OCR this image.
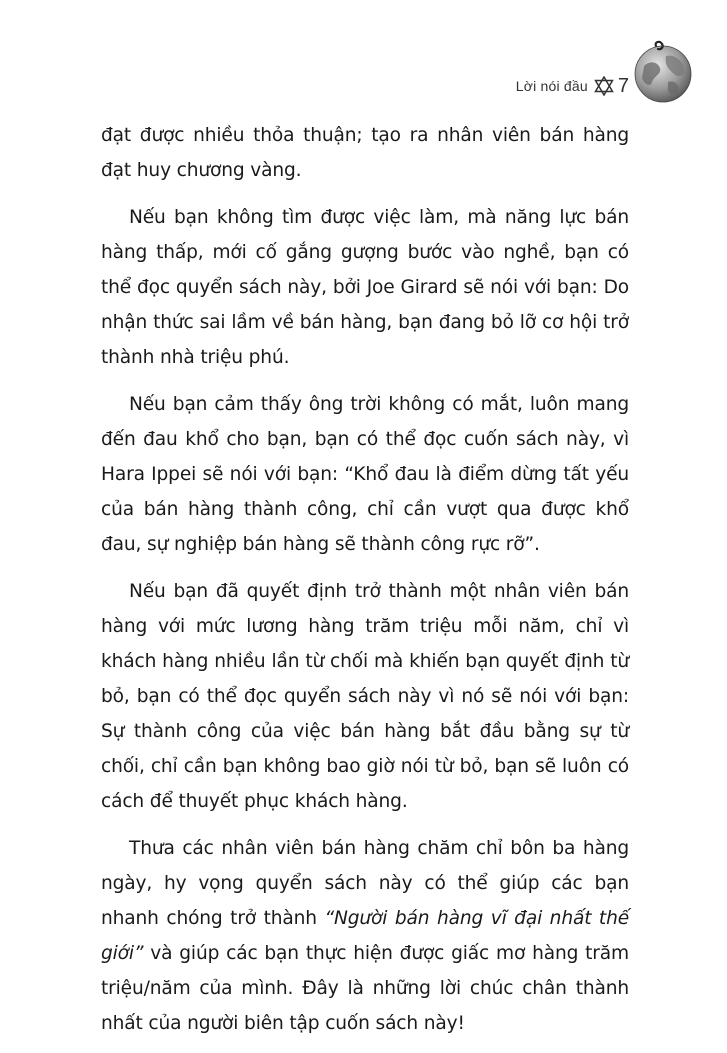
Lời nói đầu 7

đạt được nhiều thỏa thuận; tạo ra nhân viên bán hàng đạt huy chương vàng.

Nếu bạn không tìm được việc làm, mà năng lực bán hàng thấp, mới cố gắng gượng bước vào nghề, bạn có thể đọc quyển sách này, bởi Joe Girard sẽ nói với bạn: Do nhận thức sai lầm về bán hàng, bạn đang bỏ lỡ cơ hội trở thành nhà triệu phú.

Nếu bạn cảm thấy ông trời không có mắt, luôn mang đến đau khổ cho bạn, bạn có thể đọc cuốn sách này, vì Hara Ippei sẽ nói với bạn: “Khổ đau là điểm dừng tất yếu của bán hàng thành công, chỉ cần vượt qua được khổ đau, sự nghiệp bán hàng sẽ thành công rực rỡ”.

Nếu bạn đã quyết định trở thành một nhân viên bán hàng với mức lương hàng trăm triệu mỗi năm, chỉ vì khách hàng nhiều lần từ chối mà khiến bạn quyết định từ bỏ, bạn có thể đọc quyển sách này vì nó sẽ nói với bạn: Sự thành công của việc bán hàng bắt đầu bằng sự từ chối, chỉ cần bạn không bao giờ nói từ bỏ, bạn sẽ luôn có cách để thuyết phục khách hàng.

Thưa các nhân viên bán hàng chăm chỉ bôn ba hàng ngày, hy vọng quyển sách này có thể giúp các bạn nhanh chóng trở thành “Người bán hàng vĩ đại nhất thế giới” và giúp các bạn thực hiện được giấc mơ hàng trăm triệu/năm của mình. Đây là những lời chúc chân thành nhất của người biên tập cuốn sách này!
